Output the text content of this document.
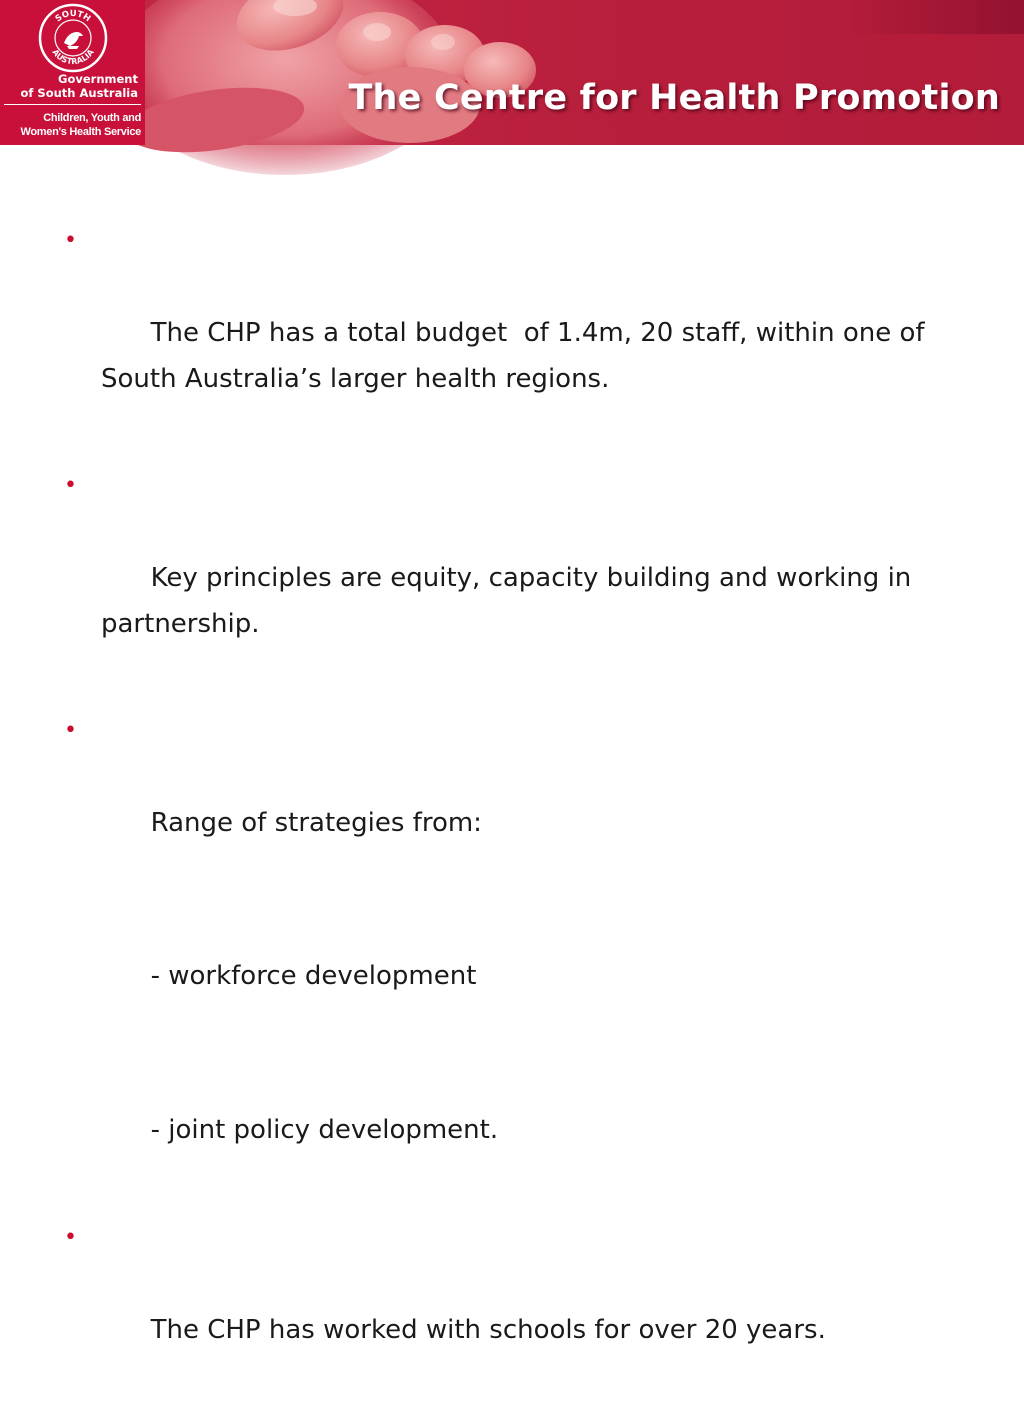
The Centre for Health Promotion
SOUTH
AUSTRALIA
Government
of South Australia
Children, Youth and
Women's Health Service

•

The CHP has a total budget  of 1.4m, 20 staff, within one of South Australia’s larger health regions.

•

Key principles are equity, capacity building and working in partnership.

•

Range of strategies from:

- workforce development

- joint policy development.

•

The CHP has worked with schools for over 20 years.
